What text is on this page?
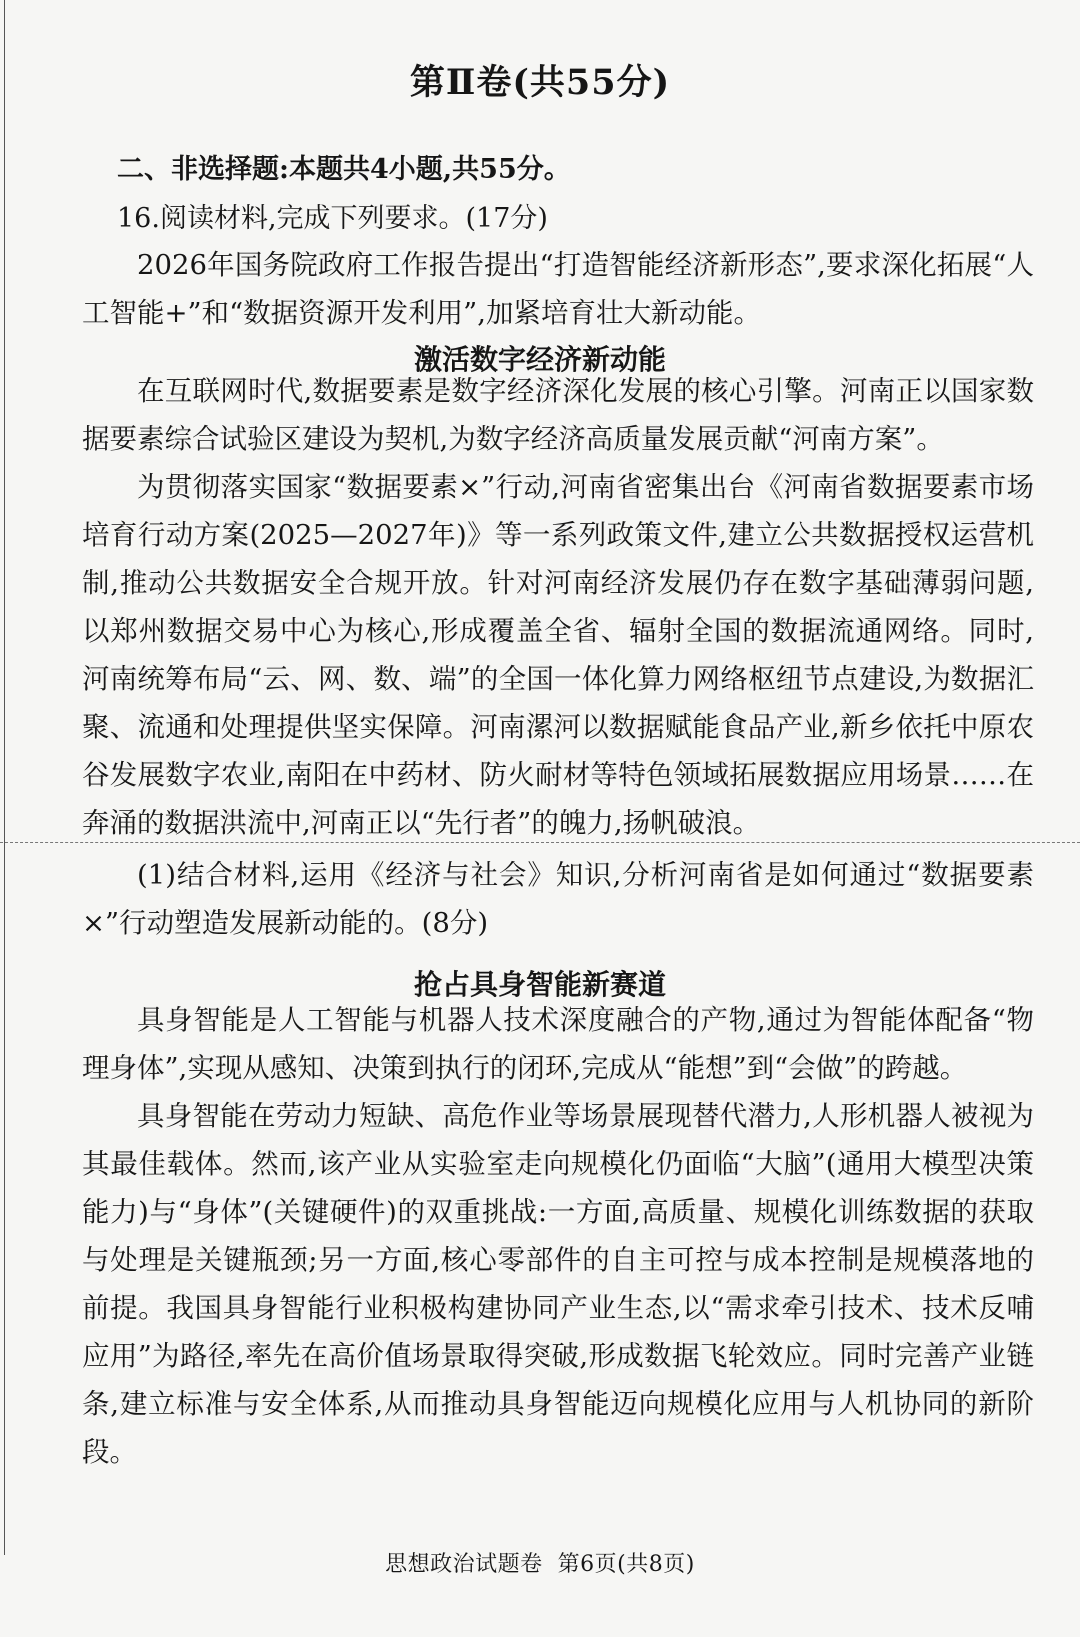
第Ⅱ卷(共55分)
二、非选择题:本题共4小题,共55分。
16.阅读材料,完成下列要求。(17分)
2026年国务院政府工作报告提出“打造智能经济新形态”,要求深化拓展“人工智能+”和“数据资源开发利用”,加紧培育壮大新动能。
激活数字经济新动能
在互联网时代,数据要素是数字经济深化发展的核心引擎。河南正以国家数据要素综合试验区建设为契机,为数字经济高质量发展贡献“河南方案”。
为贯彻落实国家“数据要素×”行动,河南省密集出台《河南省数据要素市场培育行动方案(2025—2027年)》等一系列政策文件,建立公共数据授权运营机制,推动公共数据安全合规开放。针对河南经济发展仍存在数字基础薄弱问题,以郑州数据交易中心为核心,形成覆盖全省、辐射全国的数据流通网络。同时,河南统筹布局“云、网、数、端”的全国一体化算力网络枢纽节点建设,为数据汇聚、流通和处理提供坚实保障。河南漯河以数据赋能食品产业,新乡依托中原农谷发展数字农业,南阳在中药材、防火耐材等特色领域拓展数据应用场景……在奔涌的数据洪流中,河南正以“先行者”的魄力,扬帆破浪。
(1)结合材料,运用《经济与社会》知识,分析河南省是如何通过“数据要素×”行动塑造发展新动能的。(8分)
抢占具身智能新赛道
具身智能是人工智能与机器人技术深度融合的产物,通过为智能体配备“物理身体”,实现从感知、决策到执行的闭环,完成从“能想”到“会做”的跨越。
具身智能在劳动力短缺、高危作业等场景展现替代潜力,人形机器人被视为其最佳载体。然而,该产业从实验室走向规模化仍面临“大脑”(通用大模型决策能力)与“身体”(关键硬件)的双重挑战:一方面,高质量、规模化训练数据的获取与处理是关键瓶颈;另一方面,核心零部件的自主可控与成本控制是规模落地的前提。我国具身智能行业积极构建协同产业生态,以“需求牵引技术、技术反哺应用”为路径,率先在高价值场景取得突破,形成数据飞轮效应。同时完善产业链条,建立标准与安全体系,从而推动具身智能迈向规模化应用与人机协同的新阶段。
思想政治试题卷  第6页(共8页)
